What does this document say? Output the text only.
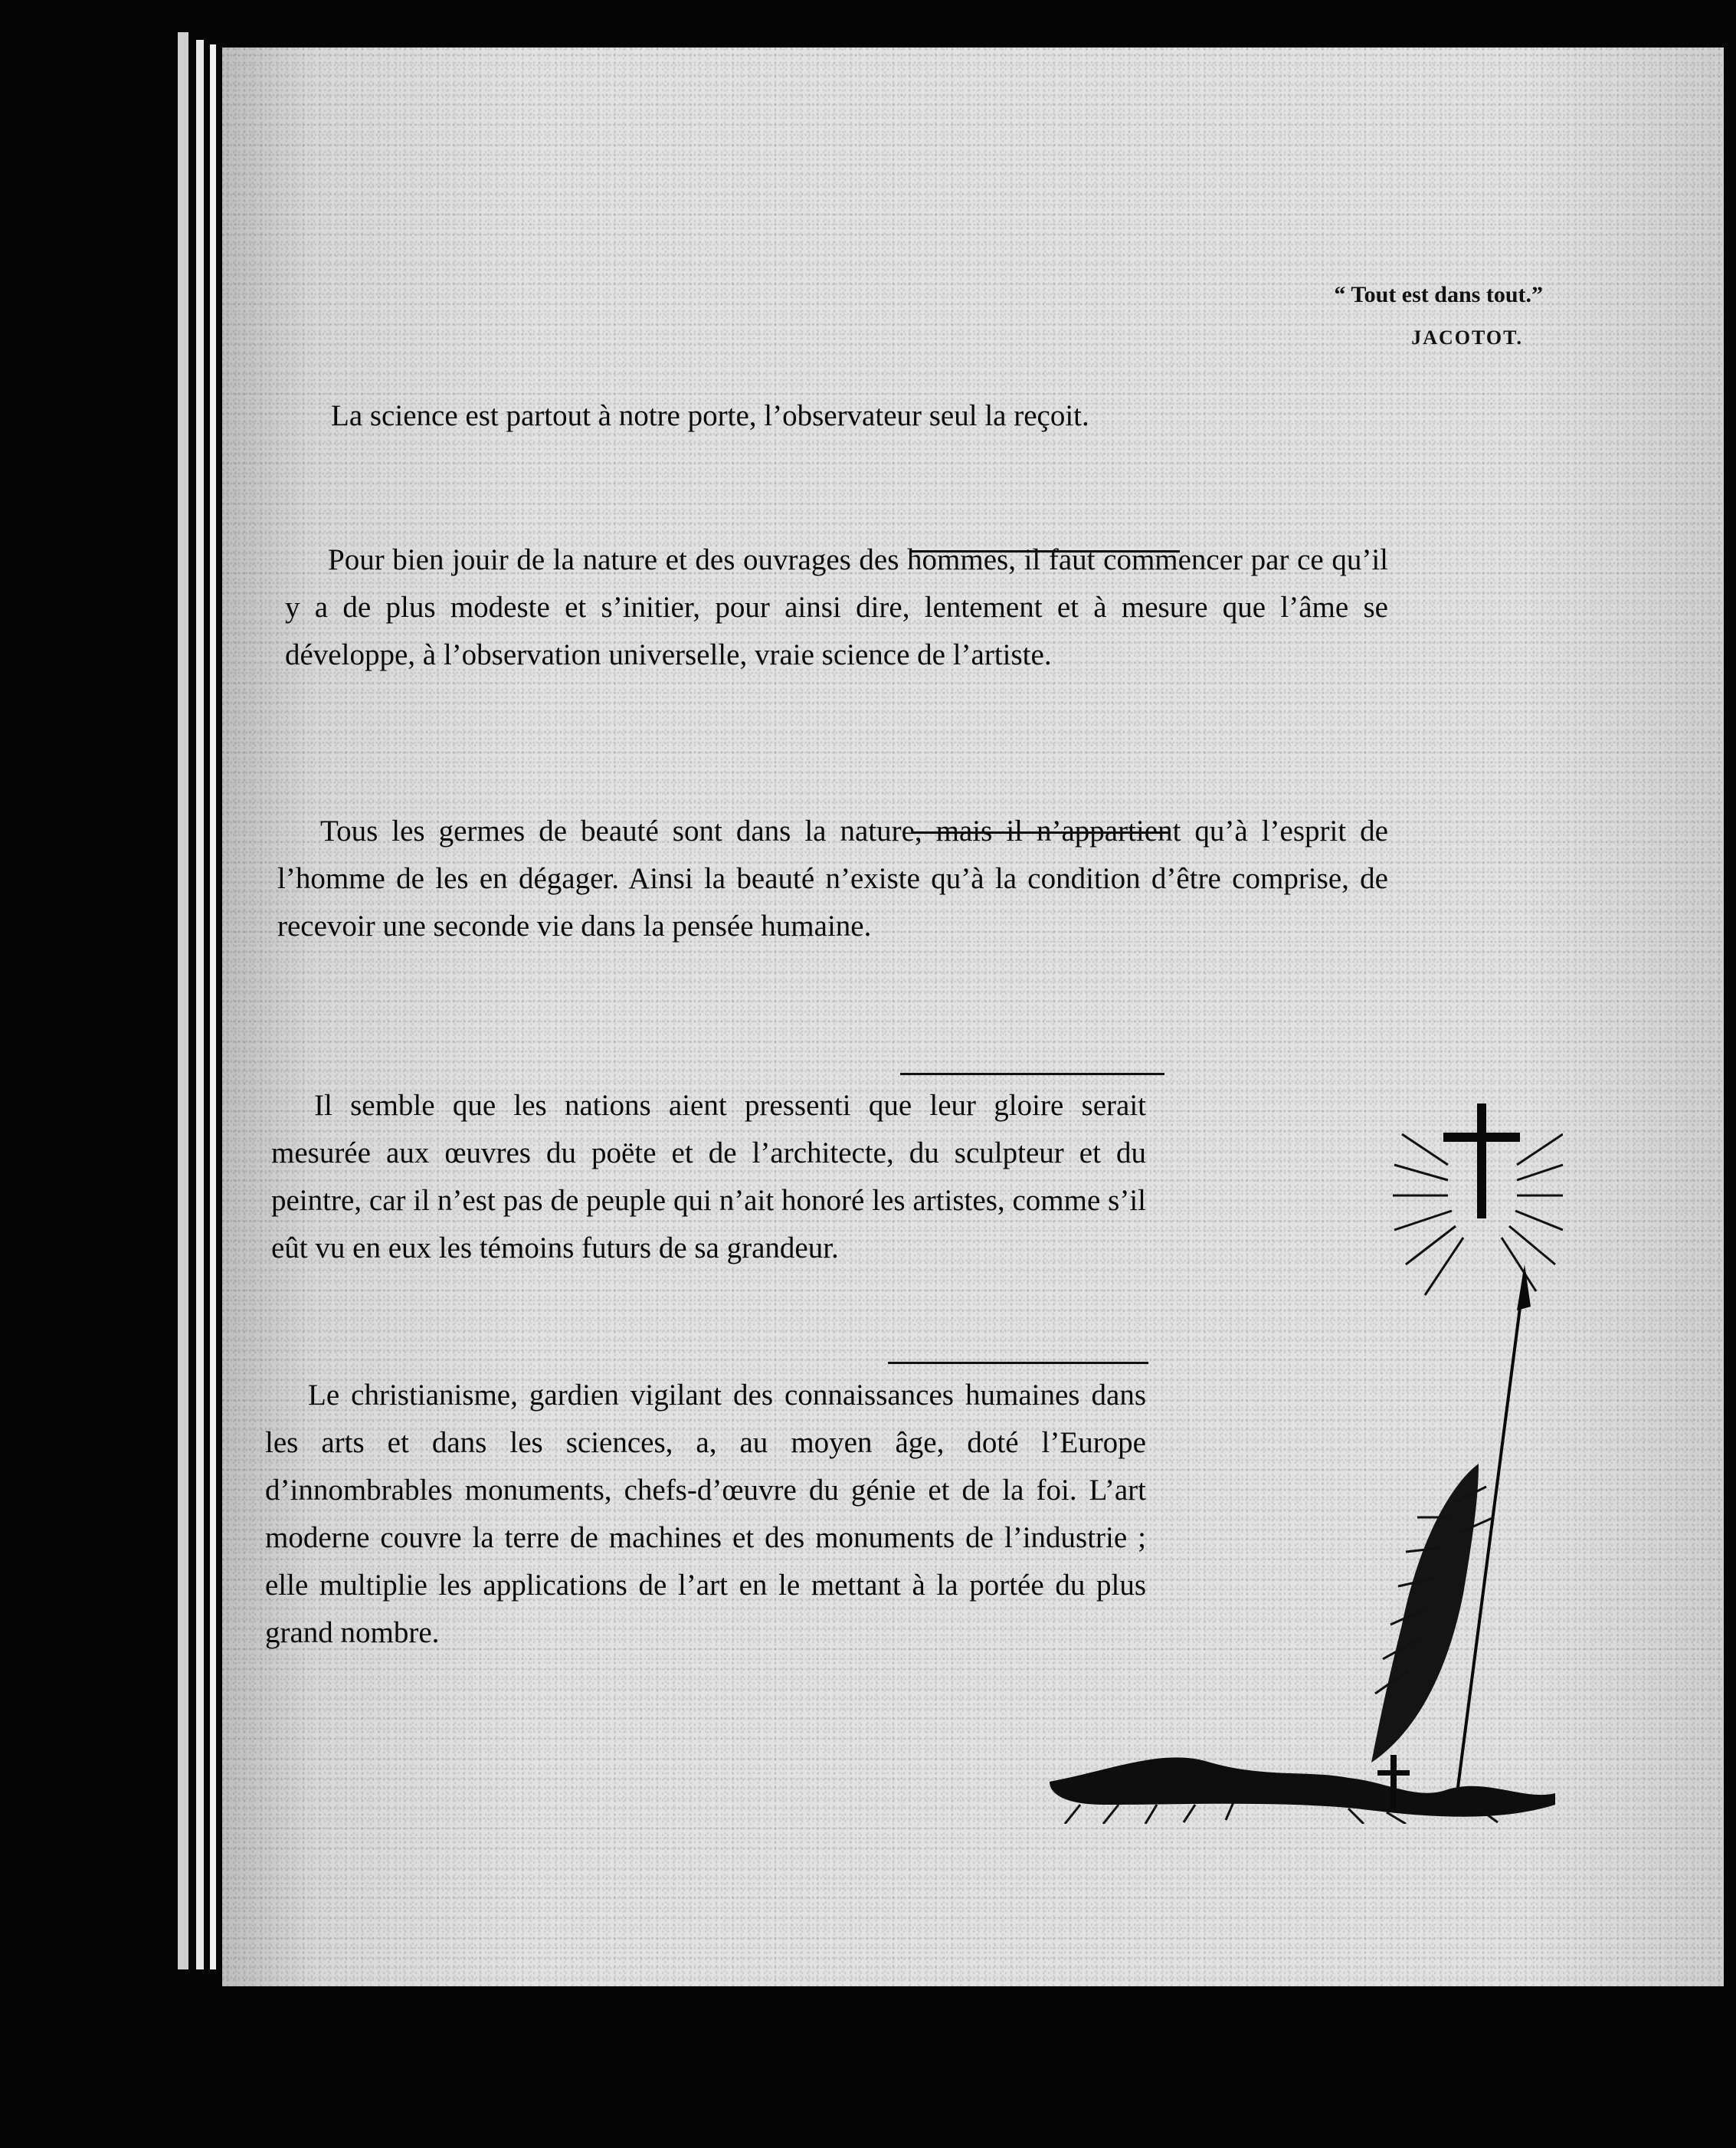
“ Tout est dans tout.”
JACOTOT.

La science est partout à notre porte, l’observateur seul la reçoit.

Pour bien jouir de la nature et des ouvrages des hommes, il faut commencer par ce qu’il y a de plus modeste et s’initier, pour ainsi dire, lentement et à mesure que l’âme se développe, à l’observation universelle, vraie science de l’artiste.

Tous les germes de beauté sont dans la nature, mais il n’appartient qu’à l’esprit de l’homme de les en dégager. Ainsi la beauté n’existe qu’à la condition d’être comprise, de recevoir une seconde vie dans la pensée humaine.

Il semble que les nations aient pressenti que leur gloire serait mesurée aux œuvres du poëte et de l’architecte, du sculpteur et du peintre, car il n’est pas de peuple qui n’ait honoré les artistes, comme s’il eût vu en eux les témoins futurs de sa grandeur.

Le christianisme, gardien vigilant des connaissances humaines dans les arts et dans les sciences, a, au moyen âge, doté l’Europe d’innombrables monuments, chefs-d’œuvre du génie et de la foi. L’art moderne couvre la terre de machines et des monuments de l’industrie ; elle multiplie les applications de l’art en le mettant à la portée du plus grand nombre.
